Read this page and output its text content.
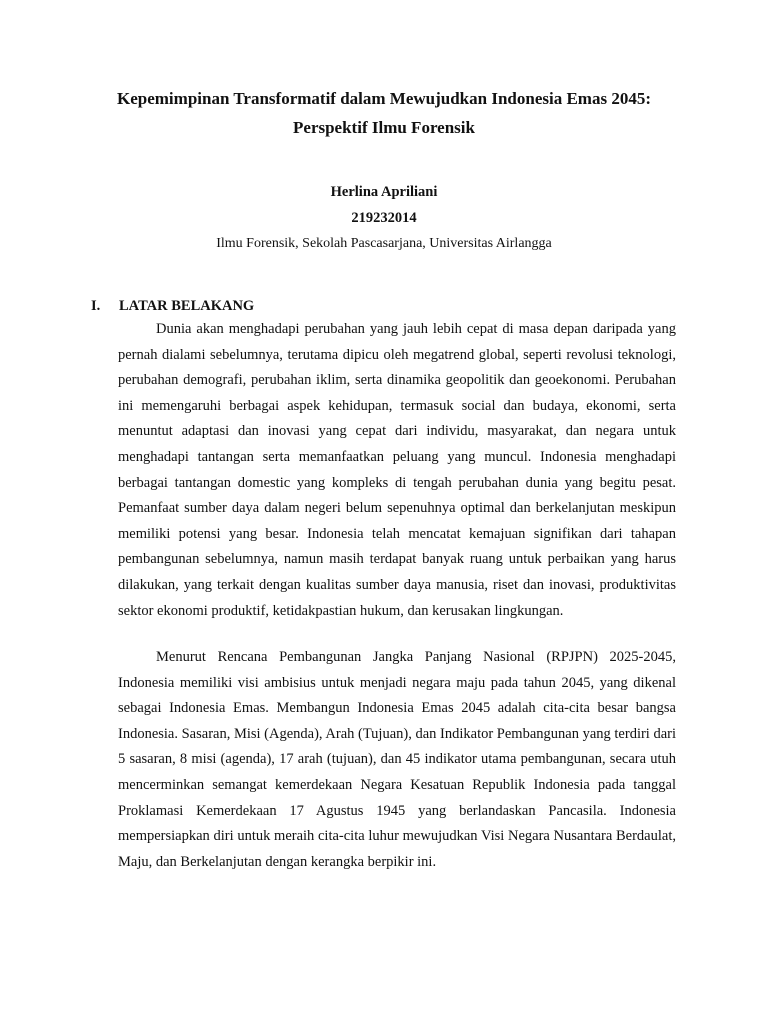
Kepemimpinan Transformatif dalam Mewujudkan Indonesia Emas 2045:
Perspektif Ilmu Forensik
Herlina Apriliani
219232014
Ilmu Forensik, Sekolah Pascasarjana, Universitas Airlangga
I. LATAR BELAKANG

Dunia akan menghadapi perubahan yang jauh lebih cepat di masa depan daripada yang pernah dialami sebelumnya, terutama dipicu oleh megatrend global, seperti revolusi teknologi, perubahan demografi, perubahan iklim, serta dinamika geopolitik dan geoekonomi. Perubahan ini memengaruhi berbagai aspek kehidupan, termasuk social dan budaya, ekonomi, serta menuntut adaptasi dan inovasi yang cepat dari individu, masyarakat, dan negara untuk menghadapi tantangan serta memanfaatkan peluang yang muncul. Indonesia menghadapi berbagai tantangan domestic yang kompleks di tengah perubahan dunia yang begitu pesat. Pemanfaat sumber daya dalam negeri belum sepenuhnya optimal dan berkelanjutan meskipun memiliki potensi yang besar. Indonesia telah mencatat kemajuan signifikan dari tahapan pembangunan sebelumnya, namun masih terdapat banyak ruang untuk perbaikan yang harus dilakukan, yang terkait dengan kualitas sumber daya manusia, riset dan inovasi, produktivitas sektor ekonomi produktif, ketidakpastian hukum, dan kerusakan lingkungan.

Menurut Rencana Pembangunan Jangka Panjang Nasional (RPJPN) 2025-2045, Indonesia memiliki visi ambisius untuk menjadi negara maju pada tahun 2045, yang dikenal sebagai Indonesia Emas. Membangun Indonesia Emas 2045 adalah cita-cita besar bangsa Indonesia. Sasaran, Misi (Agenda), Arah (Tujuan), dan Indikator Pembangunan yang terdiri dari 5 sasaran, 8 misi (agenda), 17 arah (tujuan), dan 45 indikator utama pembangunan, secara utuh mencerminkan semangat kemerdekaan Negara Kesatuan Republik Indonesia pada tanggal Proklamasi Kemerdekaan 17 Agustus 1945 yang berlandaskan Pancasila. Indonesia mempersiapkan diri untuk meraih cita-cita luhur mewujudkan Visi Negara Nusantara Berdaulat, Maju, dan Berkelanjutan dengan kerangka berpikir ini.
